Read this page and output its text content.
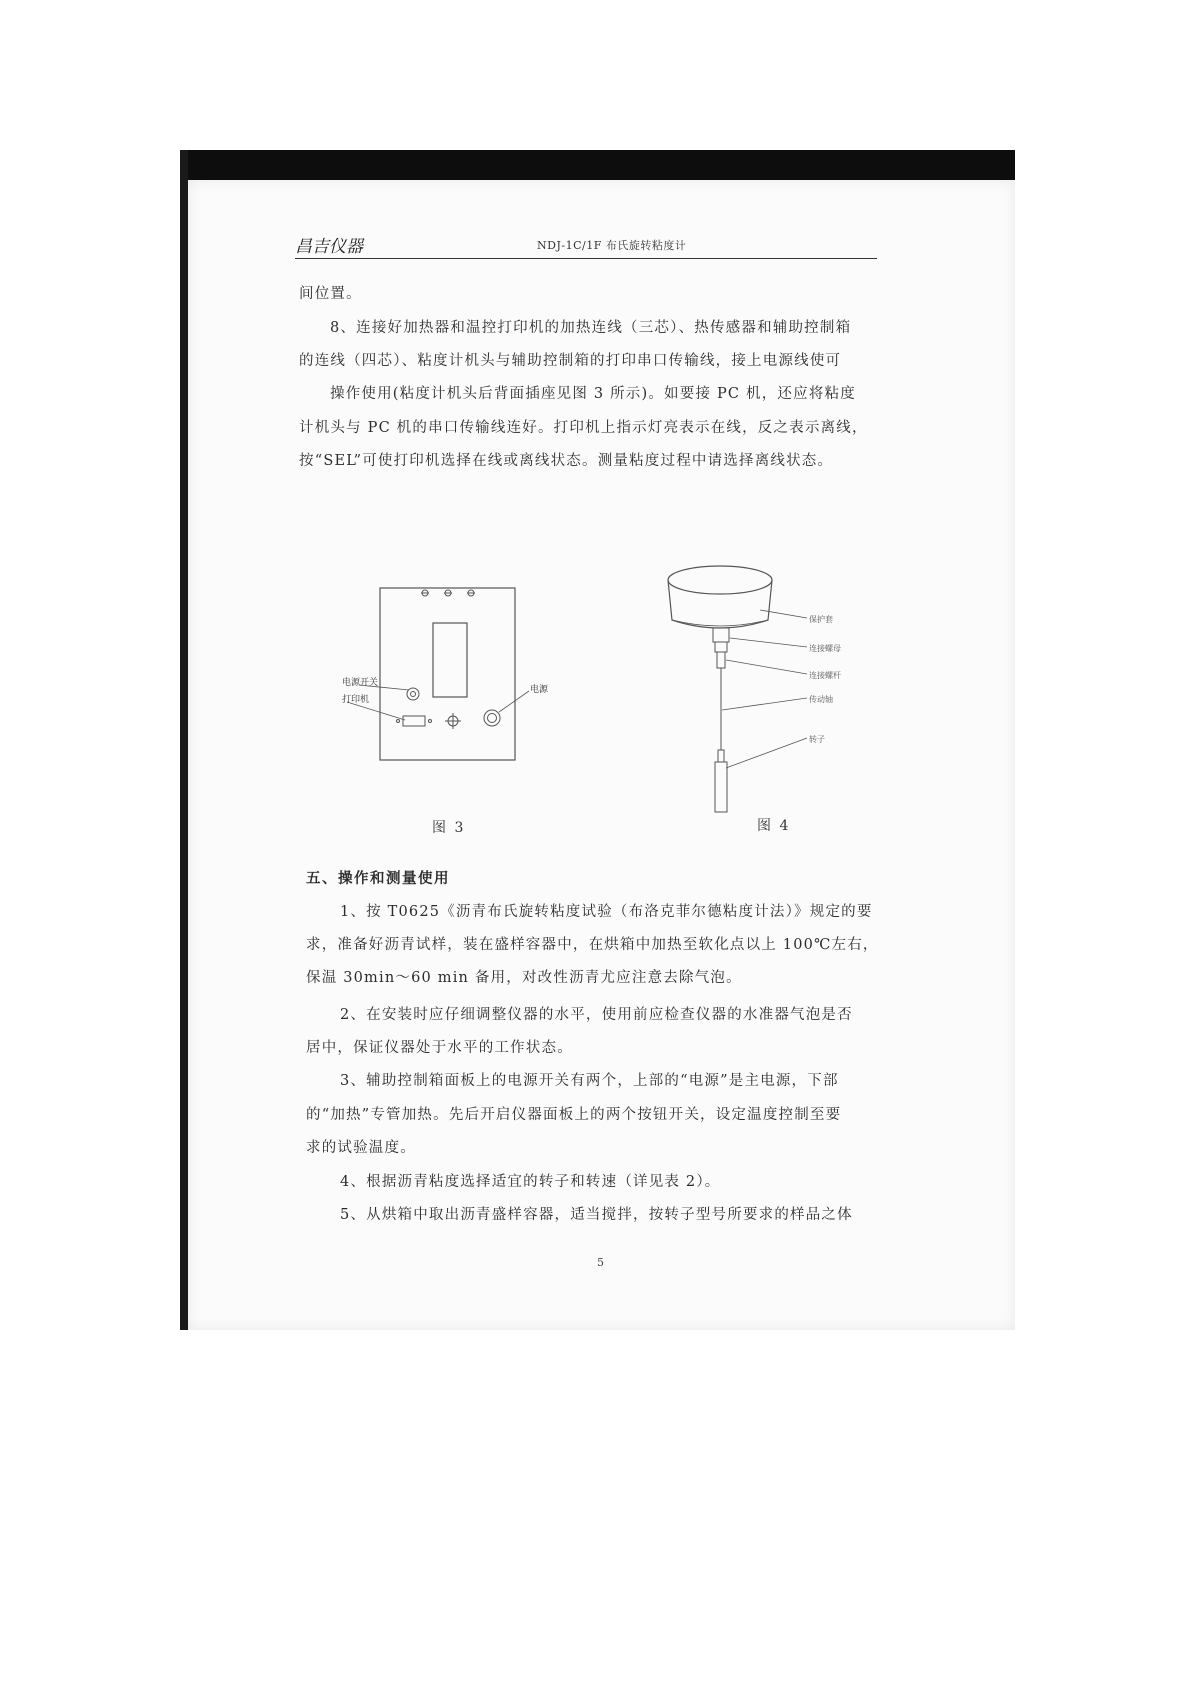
昌吉仪器	NDJ-1C/1F 布氏旋转粘度计
间位置。
8、连接好加热器和温控打印机的加热连线（三芯）、热传感器和辅助控制箱
的连线（四芯）、粘度计机头与辅助控制箱的打印串口传输线，接上电源线使可
操作使用(粘度计机头后背面插座见图 3 所示)。如要接 PC 机，还应将粘度
计机头与 PC 机的串口传输线连好。打印机上指示灯亮表示在线，反之表示离线，
按“SEL”可使打印机选择在线或离线状态。测量粘度过程中请选择离线状态。
电源开关
打印机
电源
保护套
连接螺母
连接螺杆
传动轴
转子
图 3	图 4
五、操作和测量使用
1、按 T0625《沥青布氏旋转粘度试验（布洛克菲尔德粘度计法）》规定的要
求，准备好沥青试样，装在盛样容器中，在烘箱中加热至软化点以上 100℃左右，
保温 30min～60 min 备用，对改性沥青尤应注意去除气泡。
2、在安装时应仔细调整仪器的水平，使用前应检查仪器的水准器气泡是否
居中，保证仪器处于水平的工作状态。
3、辅助控制箱面板上的电源开关有两个，上部的“电源”是主电源，下部
的“加热”专管加热。先后开启仪器面板上的两个按钮开关，设定温度控制至要
求的试验温度。
4、根据沥青粘度选择适宜的转子和转速（详见表 2）。
5、从烘箱中取出沥青盛样容器，适当搅拌，按转子型号所要求的样品之体
5
